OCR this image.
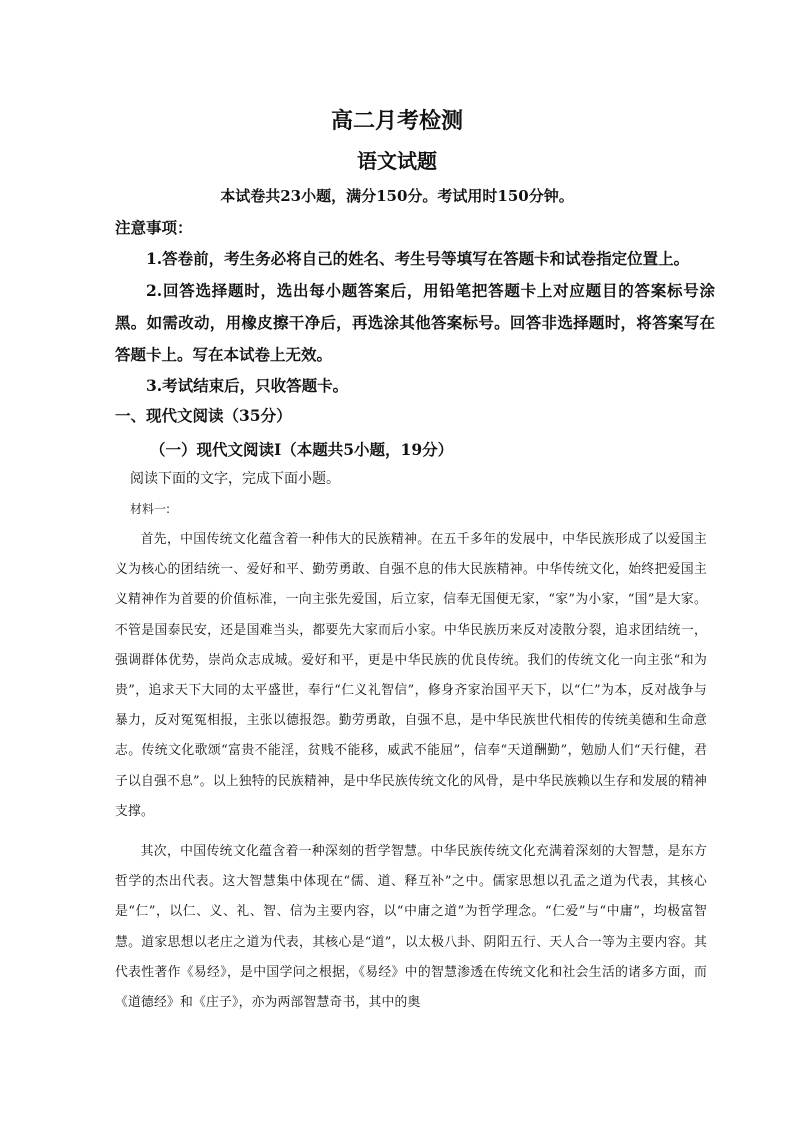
高二月考检测
语文试题
本试卷共23小题，满分150分。考试用时150分钟。
注意事项：
1.答卷前，考生务必将自己的姓名、考生号等填写在答题卡和试卷指定位置上。
2.回答选择题时，选出每小题答案后，用铅笔把答题卡上对应题目的答案标号涂黑。如需改动，用橡皮擦干净后，再选涂其他答案标号。回答非选择题时，将答案写在答题卡上。写在本试卷上无效。
3.考试结束后，只收答题卡。
一、现代文阅读（35分）
（一）现代文阅读Ⅰ（本题共5小题，19分）
阅读下面的文字，完成下面小题。
材料一:
首先，中国传统文化蕴含着一种伟大的民族精神。在五千多年的发展中，中华民族形成了以爱国主义为核心的团结统一、爱好和平、勤劳勇敢、自强不息的伟大民族精神。中华传统文化，始终把爱国主义精神作为首要的价值标准，一向主张先爱国，后立家，信奉无国便无家，“家”为小家，“国”是大家。不管是国泰民安，还是国难当头，都要先大家而后小家。中华民族历来反对凌散分裂，追求团结统一，强调群体优势，崇尚众志成城。爱好和平，更是中华民族的优良传统。我们的传统文化一向主张“和为贵”，追求天下大同的太平盛世，奉行“仁义礼智信”，修身齐家治国平天下，以“仁”为本，反对战争与暴力，反对冤冤相报，主张以德报怨。勤劳勇敢，自强不息，是中华民族世代相传的传统美德和生命意志。传统文化歌颂“富贵不能淫，贫贱不能移，威武不能屈”，信奉“天道酬勤”，勉励人们“天行健，君子以自强不息”。以上独特的民族精神，是中华民族传统文化的风骨，是中华民族赖以生存和发展的精神支撑。
其次，中国传统文化蕴含着一种深刻的哲学智慧。中华民族传统文化充满着深刻的大智慧，是东方哲学的杰出代表。这大智慧集中体现在“儒、道、释互补”之中。儒家思想以孔孟之道为代表，其核心是“仁”，以仁、义、礼、智、信为主要内容，以“中庸之道”为哲学理念。“仁爱”与“中庸”，均极富智慧。道家思想以老庄之道为代表，其核心是“道”，以太极八卦、阴阳五行、天人合一等为主要内容。其代表性著作《易经》，是中国学问之根据，《易经》中的智慧渗透在传统文化和社会生活的诸多方面，而《道德经》和《庄子》，亦为两部智慧奇书，其中的奥
